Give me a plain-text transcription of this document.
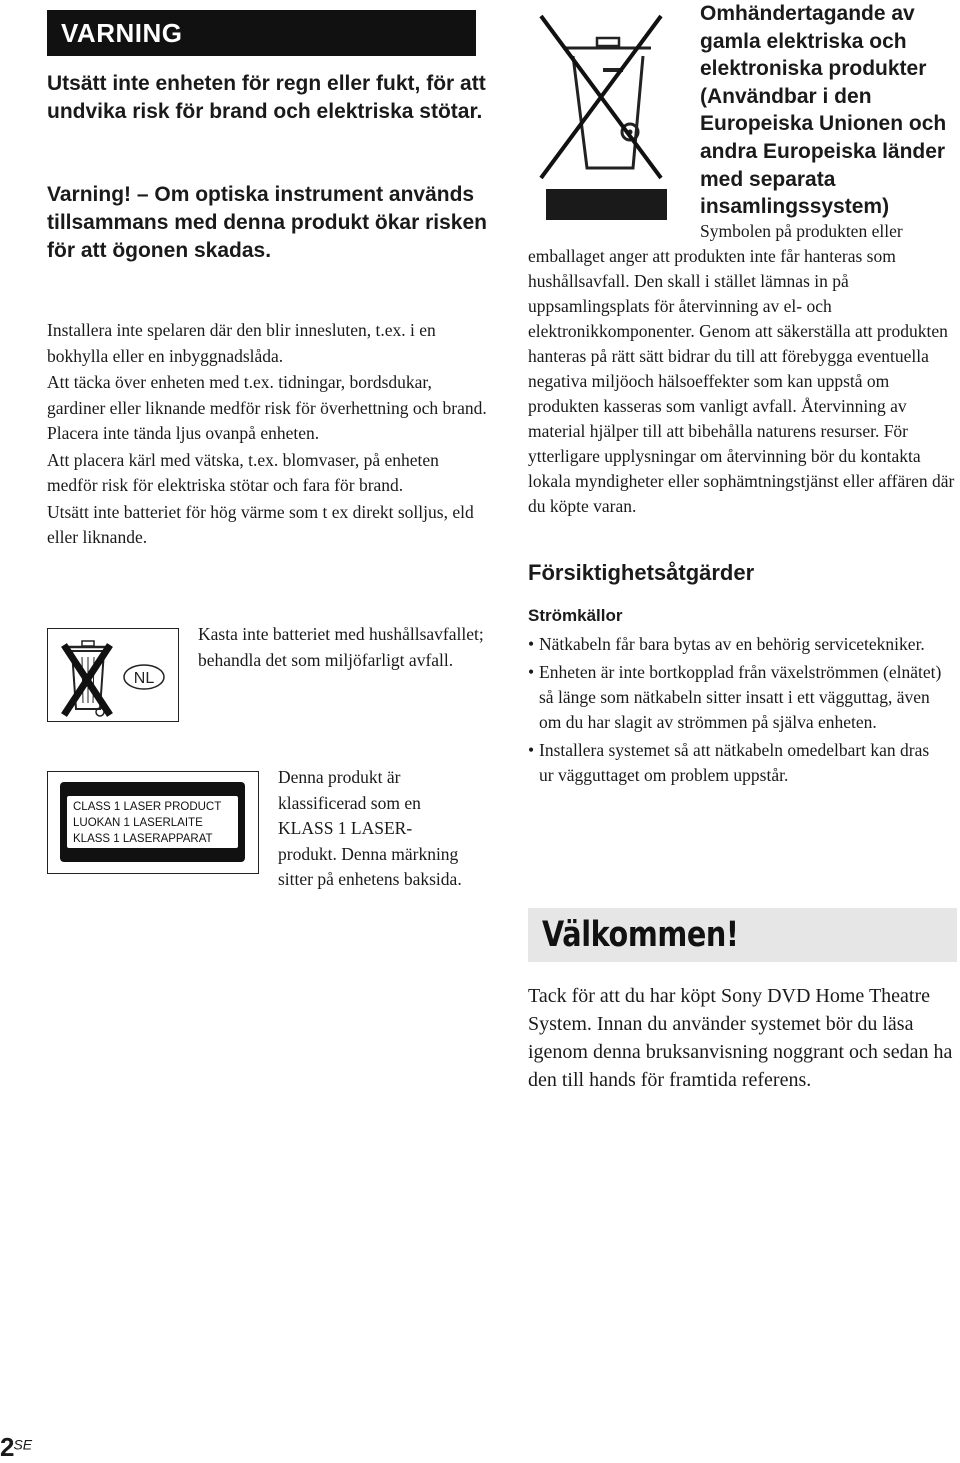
VARNING
Utsätt inte enheten för regn eller fukt, för att undvika risk för brand och elektriska stötar.
Varning! – Om optiska instrument används tillsammans med denna produkt ökar risken för att ögonen skadas.

Installera inte spelaren där den blir innesluten, t.ex. i en bokhylla eller en inbyggnadslåda.

Att täcka över enheten med t.ex. tidningar, bordsdukar, gardiner eller liknande medför risk för överhettning och brand. Placera inte tända ljus ovanpå enheten.

Att placera kärl med vätska, t.ex. blomvaser, på enheten medför risk för elektriska stötar och fara för brand.

Utsätt inte batteriet för hög värme som t ex direkt solljus, eld eller liknande.

NL
Kasta inte batteriet med hushållsavfallet; behandla det som miljöfarligt avfall.
CLASS 1 LASER PRODUCT
LUOKAN 1 LASERLAITE
KLASS 1 LASERAPPARAT
Denna produkt är klassificerad som en KLASS 1 LASER-produkt. Denna märkning sitter på enhetens baksida.
Omhändertagande av gamla elektriska och elektroniska produkter (Användbar i den Europeiska Unionen och andra Europeiska länder med separata insamlingssystem)
Symbolen på produkten eller
emballaget anger att produkten inte får hanteras som hushållsavfall. Den skall i stället lämnas in på uppsamlingsplats för återvinning av el- och elektronikkomponenter. Genom att säkerställa att produkten hanteras på rätt sätt bidrar du till att förebygga eventuella negativa miljöoch hälsoeffekter som kan uppstå om produkten kasseras som vanligt avfall. Återvinning av material hjälper till att bibehålla naturens resurser. För ytterligare upplysningar om återvinning bör du kontakta lokala myndigheter eller sophämtningstjänst eller affären där du köpte varan.
Försiktighetsåtgärder
Strömkällor
• Nätkabeln får bara bytas av en behörig servicetekniker.
• Enheten är inte bortkopplad från växelströmmen (elnätet) så länge som nätkabeln sitter insatt i ett vägguttag, även om du har slagit av strömmen på själva enheten.
• Installera systemet så att nätkabeln omedelbart kan dras ur vägguttaget om problem uppstår.
Välkommen!
Tack för att du har köpt Sony DVD Home Theatre System. Innan du använder systemet bör du läsa igenom denna bruksanvisning noggrant och sedan ha den till hands för framtida referens.
2SE
